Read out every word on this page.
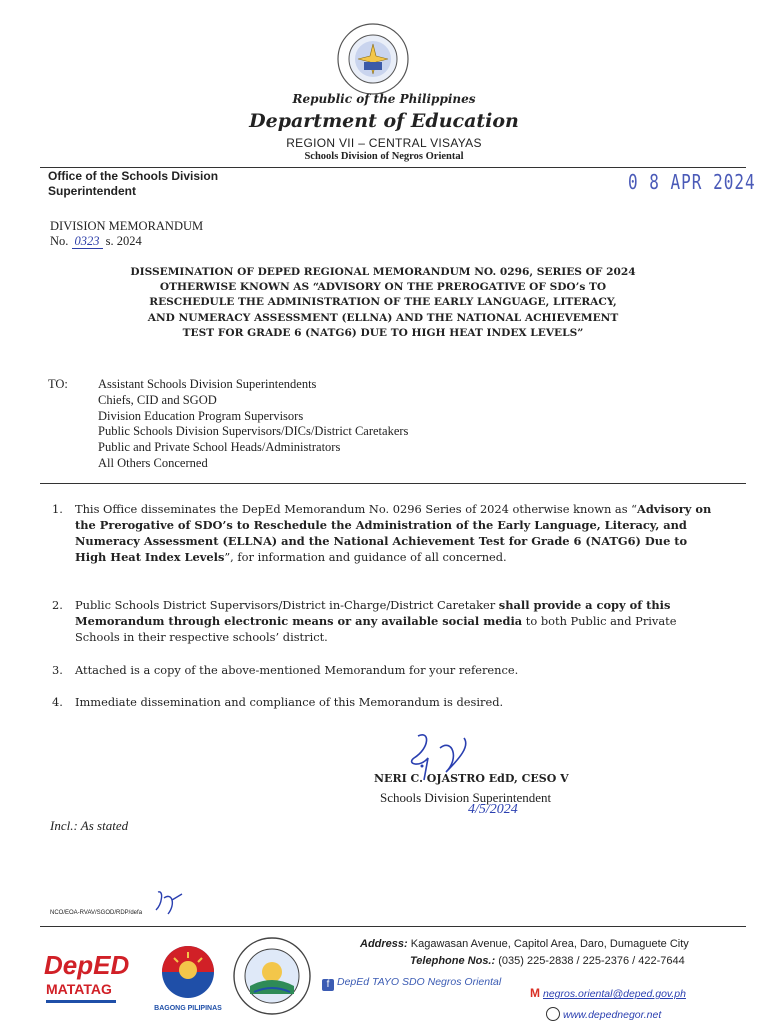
Republic of the Philippines
Department of Education
REGION VII – CENTRAL VISAYAS
Schools Division of Negros Oriental
Office of the Schools Division
Superintendent	0 8 APR 2024
DIVISION MEMORANDUM
No. 0323 s. 2024
DISSEMINATION OF DEPED REGIONAL MEMORANDUM NO. 0296, SERIES OF 2024
OTHERWISE KNOWN AS “ADVISORY ON THE PREROGATIVE OF SDO’s TO
RESCHEDULE THE ADMINISTRATION OF THE EARLY LANGUAGE, LITERACY,
AND NUMERACY ASSESSMENT (ELLNA) AND THE NATIONAL ACHIEVEMENT
TEST FOR GRADE 6 (NATG6) DUE TO HIGH HEAT INDEX LEVELS”
TO: Assistant Schools Division Superintendents
Chiefs, CID and SGOD
Division Education Program Supervisors
Public Schools Division Supervisors/DICs/District Caretakers
Public and Private School Heads/Administrators
All Others Concerned
1. This Office disseminates the DepEd Memorandum No. 0296 Series of 2024 otherwise known as “Advisory on the Prerogative of SDO’s to Reschedule the Administration of the Early Language, Literacy, and Numeracy Assessment (ELLNA) and the National Achievement Test for Grade 6 (NATG6) Due to High Heat Index Levels”, for information and guidance of all concerned.
2. Public Schools District Supervisors/District in-Charge/District Caretaker shall provide a copy of this Memorandum through electronic means or any available social media to both Public and Private Schools in their respective schools’ district.
3. Attached is a copy of the above-mentioned Memorandum for your reference.
4. Immediate dissemination and compliance of this Memorandum is desired.
NERI C. OJASTRO EdD, CESO V
Schools Division Superintendent
4/5/2024
Incl.: As stated
NCO/EOA-RVAV/SGOD/RDP/defa
DepED
MATATAG
BAGONG PILIPINAS
Address: Kagawasan Avenue, Capitol Area, Daro, Dumaguete City
Telephone Nos.: (035) 225-2838 / 225-2376 / 422-7644
f DepEd TAYO SDO Negros Oriental
M negros.oriental@deped.gov.ph
www.depednegor.net
